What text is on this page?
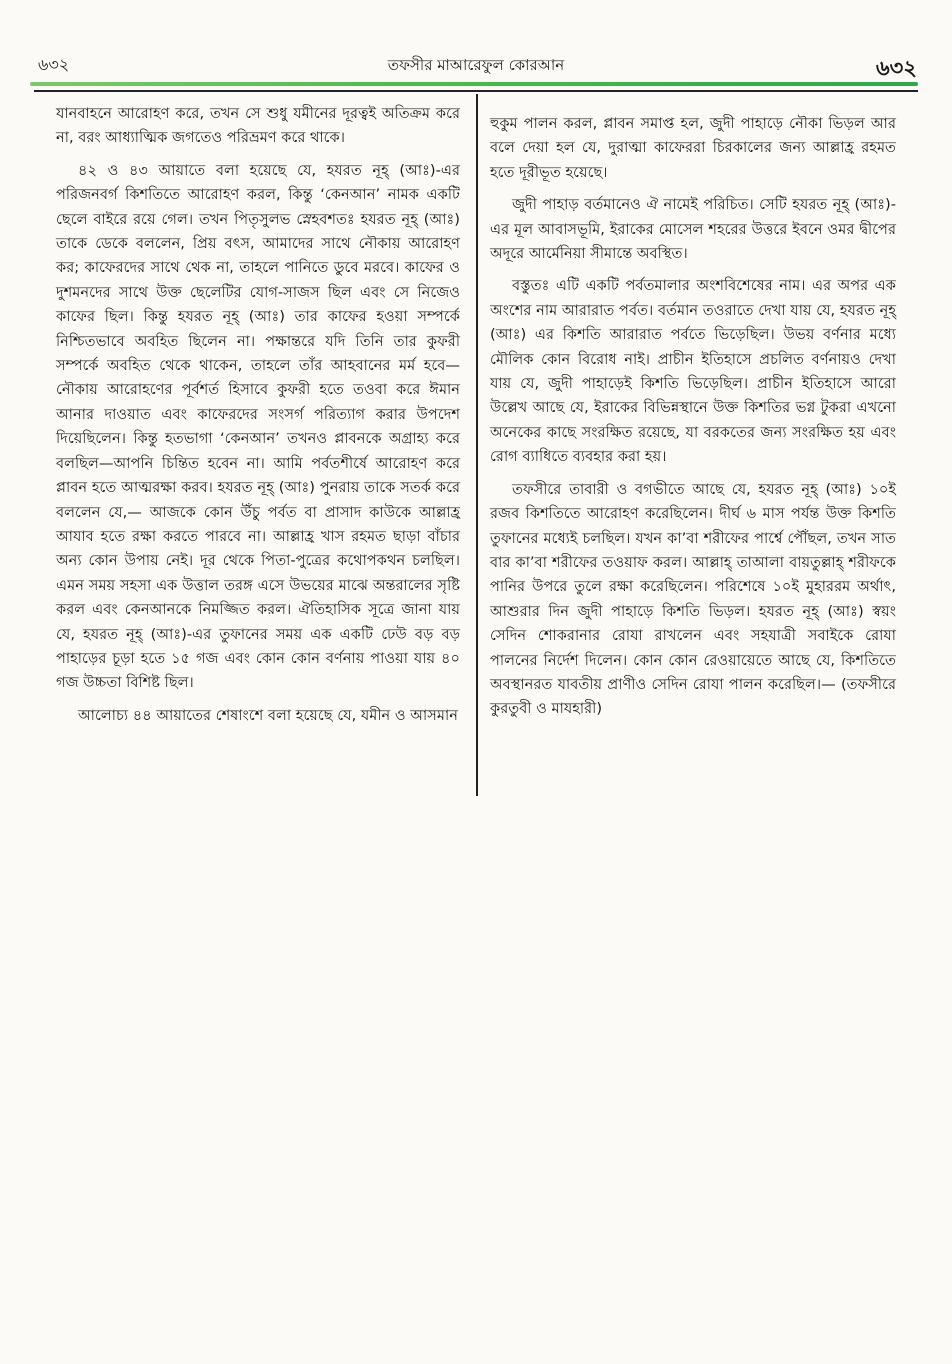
৬৩২	তফসীর মাআরেফুল কোরআন	৬৩২

যানবাহনে আরোহণ করে, তখন সে শুধু যমীনের দূরত্বই অতিক্রম করে না, বরং আধ্যাত্মিক জগতেও পরিভ্রমণ করে থাকে।

৪২ ও ৪৩ আয়াতে বলা হয়েছে যে, হযরত নূহ্ (আঃ)-এর পরিজনবর্গ কিশতিতে আরোহণ করল, কিন্তু ‘কেনআন’ নামক একটি ছেলে বাইরে রয়ে গেল। তখন পিতৃসুলভ স্নেহবশতঃ হযরত নূহ্ (আঃ) তাকে ডেকে বললেন, প্রিয় বৎস, আমাদের সাথে নৌকায় আরোহণ কর; কাফেরদের সাথে থেক না, তাহলে পানিতে ডুবে মরবে। কাফের ও দুশমনদের সাথে উক্ত ছেলেটির যোগ-সাজস ছিল এবং সে নিজেও কাফের ছিল। কিন্তু হযরত নূহ্ (আঃ) তার কাফের হওয়া সম্পর্কে নিশ্চিতভাবে অবহিত ছিলেন না। পক্ষান্তরে যদি তিনি তার কুফরী সম্পর্কে অবহিত থেকে থাকেন, তাহলে তাঁর আহবানের মর্ম হবে—নৌকায় আরোহণের পূর্বশর্ত হিসাবে কুফরী হতে তওবা করে ঈমান আনার দাওয়াত এবং কাফেরদের সংসর্গ পরিত্যাগ করার উপদেশ দিয়েছিলেন। কিন্তু হতভাগা ‘কেনআন’ তখনও প্লাবনকে অগ্রাহ্য করে বলছিল—আপনি চিন্তিত হবেন না। আমি পর্বতশীর্ষে আরোহণ করে প্লাবন হতে আত্মরক্ষা করব। হযরত নূহ্ (আঃ) পুনরায় তাকে সতর্ক করে বললেন যে,— আজকে কোন উঁচু পর্বত বা প্রাসাদ কাউকে আল্লাহ্র আযাব হতে রক্ষা করতে পারবে না। আল্লাহ্র খাস রহমত ছাড়া বাঁচার অন্য কোন উপায় নেই। দূর থেকে পিতা-পুত্রের কথোপকথন চলছিল। এমন সময় সহসা এক উত্তাল তরঙ্গ এসে উভয়ের মাঝে অন্তরালের সৃষ্টি করল এবং কেনআনকে নিমজ্জিত করল। ঐতিহাসিক সূত্রে জানা যায় যে, হযরত নূহ্ (আঃ)-এর তুফানের সময় এক একটি ঢেউ বড় বড় পাহাড়ের চূড়া হতে ১৫ গজ এবং কোন কোন বর্ণনায় পাওয়া যায় ৪০ গজ উচ্চতা বিশিষ্ট ছিল।

আলোচ্য ৪৪ আয়াতের শেষাংশে বলা হয়েছে যে, যমীন ও আসমান

হুকুম পালন করল, প্লাবন সমাপ্ত হল, জুদী পাহাড়ে নৌকা ভিড়ল আর বলে দেয়া হল যে, দুরাত্মা কাফেররা চিরকালের জন্য আল্লাহ্র রহমত হতে দূরীভূত হয়েছে।

জুদী পাহাড় বর্তমানেও ঐ নামেই পরিচিত। সেটি হযরত নূহ্ (আঃ)-এর মূল আবাসভূমি, ইরাকের মোসেল শহরের উত্তরে ইবনে ওমর দ্বীপের অদূরে আর্মেনিয়া সীমান্তে অবস্থিত।

বস্তুতঃ এটি একটি পর্বতমালার অংশবিশেষের নাম। এর অপর এক অংশের নাম আরারাত পর্বত। বর্তমান তওরাতে দেখা যায় যে, হযরত নূহ্ (আঃ) এর কিশতি আরারাত পর্বতে ভিড়েছিল। উভয় বর্ণনার মধ্যে মৌলিক কোন বিরোধ নাই। প্রাচীন ইতিহাসে প্রচলিত বর্ণনায়ও দেখা যায় যে, জুদী পাহাড়েই কিশতি ভিড়েছিল। প্রাচীন ইতিহাসে আরো উল্লেখ আছে যে, ইরাকের বিভিন্নস্থানে উক্ত কিশতির ভগ্ন টুকরা এখনো অনেকের কাছে সংরক্ষিত রয়েছে, যা বরকতের জন্য সংরক্ষিত হয় এবং রোগ ব্যাধিতে ব্যবহার করা হয়।

তফসীরে তাবারী ও বগভীতে আছে যে, হযরত নূহ্ (আঃ) ১০ই রজব কিশতিতে আরোহণ করেছিলেন। দীর্ঘ ৬ মাস পর্যন্ত উক্ত কিশতি তুফানের মধ্যেই চলছিল। যখন কা’বা শরীফের পার্শ্বে পৌঁছল, তখন সাত বার কা’বা শরীফের তওয়াফ করল। আল্লাহ্ তাআলা বায়তুল্লাহ্ শরীফকে পানির উপরে তুলে রক্ষা করেছিলেন। পরিশেষে ১০ই মুহাররম অর্থাৎ, আশুরার দিন জুদী পাহাড়ে কিশতি ভিড়ল। হযরত নূহ্ (আঃ) স্বয়ং সেদিন শোকরানার রোযা রাখলেন এবং সহযাত্রী সবাইকে রোযা পালনের নির্দেশ দিলেন। কোন কোন রেওয়ায়েতে আছে যে, কিশতিতে অবস্থানরত যাবতীয় প্রাণীও সেদিন রোযা পালন করেছিল।— (তফসীরে কুরতুবী ও মাযহারী)
